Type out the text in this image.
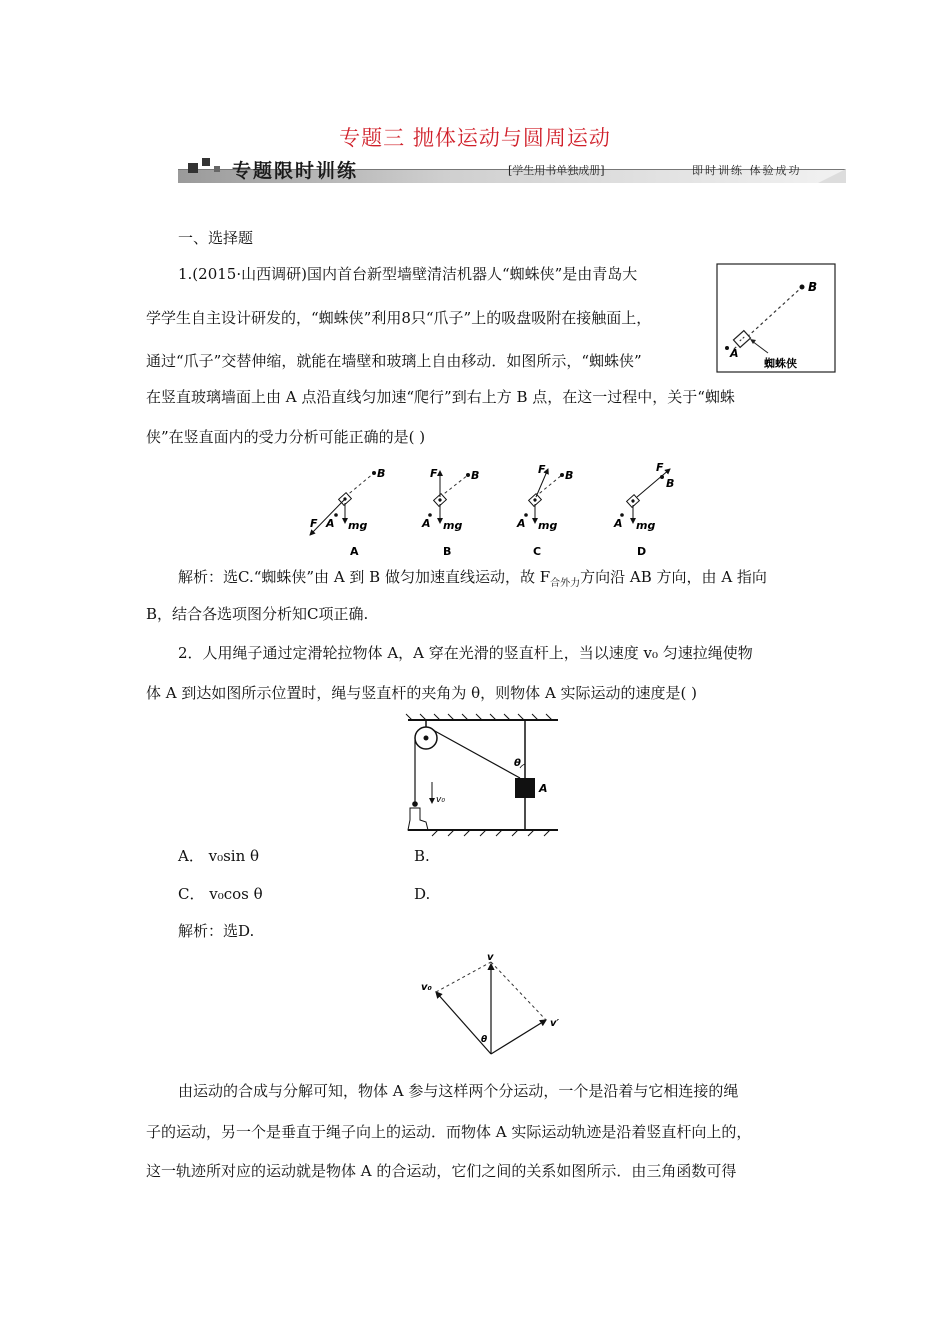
专题三 抛体运动与圆周运动
专题限时训练	[学生用书单独成册]	即时训练 体验成功
一、选择题
1.(2015·山西调研)国内首台新型墙壁清洁机器人“蜘蛛侠”是由青岛大
学学生自主设计研发的，“蜘蛛侠”利用8只“爪子”上的吸盘吸附在接触面上，
通过“爪子”交替伸缩，就能在墙壁和玻璃上自由移动．如图所示，“蜘蛛侠”
在竖直玻璃墙面上由 A 点沿直线匀加速“爬行”到右上方 B 点，在这一过程中，关于“蜘蛛
侠”在竖直面内的受力分析可能正确的是( )
B
A
蜘蛛侠
B
F A mg
A
B
F
A mg
B
B
F
A mg
C
F
B
A mg
D
解析：选C.“蜘蛛侠”由 A 到 B 做匀加速直线运动，故 $F_{合外力}$方向沿 AB 方向，由 A 指向
B，结合各选项图分析知C项正确.
2．人用绳子通过定滑轮拉物体 A，A 穿在光滑的竖直杆上，当以速度 v₀ 匀速拉绳使物
体 A 到达如图所示位置时，绳与竖直杆的夹角为 θ，则物体 A 实际运动的速度是( )
A
θ
v₀
A． v₀sin θ	B.
C． v₀cos θ	D.
解析：选D.
v
v₀
v′
θ
由运动的合成与分解可知，物体 A 参与这样两个分运动，一个是沿着与它相连接的绳
子的运动，另一个是垂直于绳子向上的运动．而物体 A 实际运动轨迹是沿着竖直杆向上的，
这一轨迹所对应的运动就是物体 A 的合运动，它们之间的关系如图所示．由三角函数可得
